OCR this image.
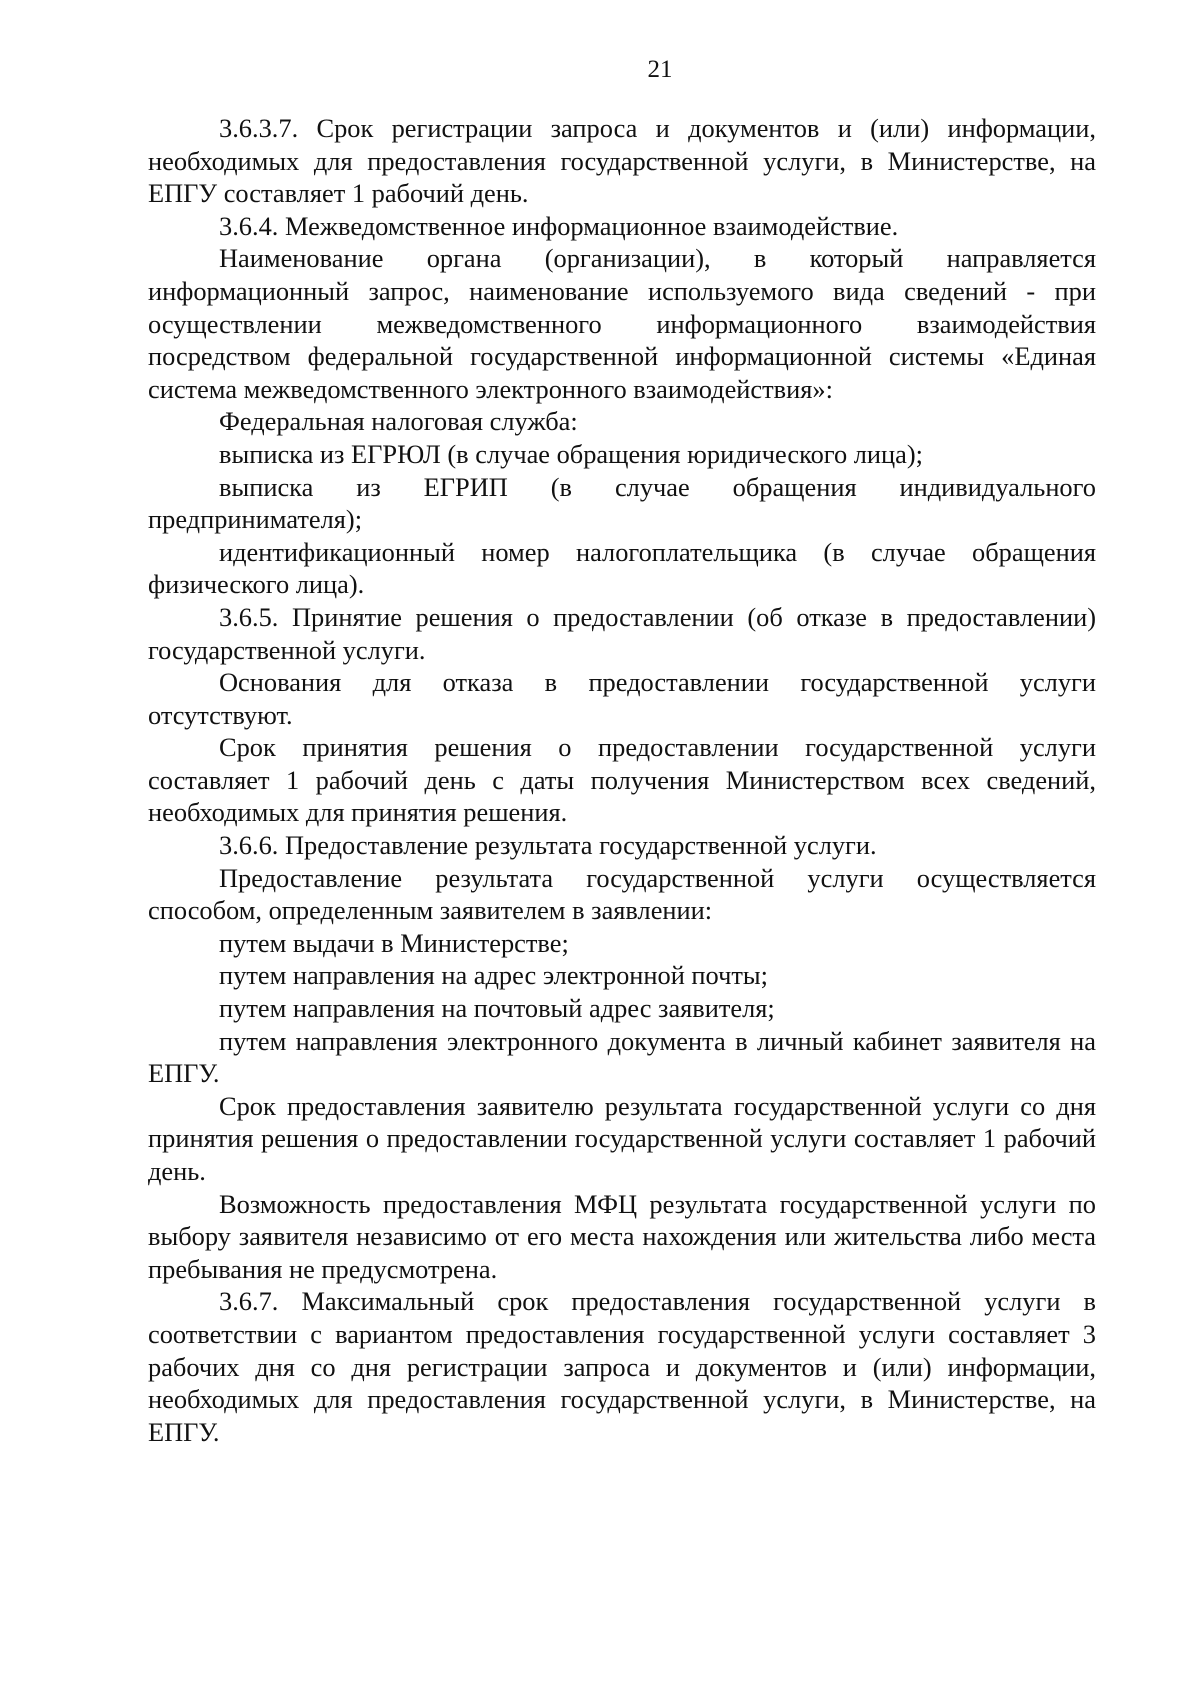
21

3.6.3.7. Срок регистрации запроса и документов и (или) информации, необходимых для предоставления государственной услуги, в Министерстве, на ЕПГУ составляет 1 рабочий день.

3.6.4. Межведомственное информационное взаимодействие.

Наименование органа (организации), в который направляется информационный запрос, наименование используемого вида сведений - при осуществлении межведомственного информационного взаимодействия посредством федеральной государственной информационной системы «Единая система межведомственного электронного взаимодействия»:

Федеральная налоговая служба:

выписка из ЕГРЮЛ (в случае обращения юридического лица);

выписка из ЕГРИП (в случае обращения индивидуального предпринимателя);

идентификационный номер налогоплательщика (в случае обращения физического лица).

3.6.5. Принятие решения о предоставлении (об отказе в предоставлении) государственной услуги.

Основания для отказа в предоставлении государственной услуги отсутствуют.

Срок принятия решения о предоставлении государственной услуги составляет 1 рабочий день с даты получения Министерством всех сведений, необходимых для принятия решения.

3.6.6. Предоставление результата государственной услуги.

Предоставление результата государственной услуги осуществляется способом, определенным заявителем в заявлении:

путем выдачи в Министерстве;

путем направления на адрес электронной почты;

путем направления на почтовый адрес заявителя;

путем направления электронного документа в личный кабинет заявителя на ЕПГУ.

Срок предоставления заявителю результата государственной услуги со дня принятия решения о предоставлении государственной услуги составляет 1 рабочий день.

Возможность предоставления МФЦ результата государственной услуги по выбору заявителя независимо от его места нахождения или жительства либо места пребывания не предусмотрена.

3.6.7. Максимальный срок предоставления государственной услуги в соответствии с вариантом предоставления государственной услуги составляет 3 рабочих дня со дня регистрации запроса и документов и (или) информации, необходимых для предоставления государственной услуги, в Министерстве, на ЕПГУ.
